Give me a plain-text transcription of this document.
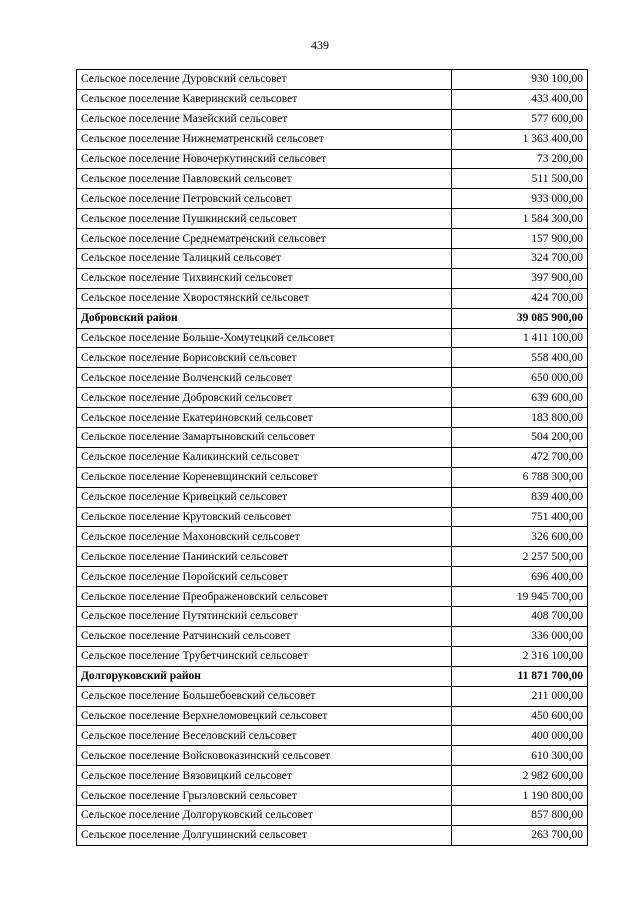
439
Сельское поселение Дуровский сельсовет	930 100,00
Сельское поселение Каверинский сельсовет	433 400,00
Сельское поселение Мазейский сельсовет	577 600,00
Сельское поселение Нижнематренский сельсовет	1 363 400,00
Сельское поселение Новочеркутинский сельсовет	73 200,00
Сельское поселение Павловский сельсовет	511 500,00
Сельское поселение Петровский сельсовет	933 000,00
Сельское поселение Пушкинский сельсовет	1 584 300,00
Сельское поселение Среднематренский сельсовет	157 900,00
Сельское поселение Талицкий сельсовет	324 700,00
Сельское поселение Тихвинский сельсовет	397 900,00
Сельское поселение Хворостянский сельсовет	424 700,00
Добровский район	39 085 900,00
Сельское поселение Больше-Хомутецкий сельсовет	1 411 100,00
Сельское поселение Борисовский сельсовет	558 400,00
Сельское поселение Волченский сельсовет	650 000,00
Сельское поселение Добровский сельсовет	639 600,00
Сельское поселение Екатериновский сельсовет	183 800,00
Сельское поселение Замартыновский сельсовет	504 200,00
Сельское поселение Каликинский сельсовет	472 700,00
Сельское поселение Кореневщинский сельсовет	6 788 300,00
Сельское поселение Кривецкий сельсовет	839 400,00
Сельское поселение Крутовский сельсовет	751 400,00
Сельское поселение Махоновский сельсовет	326 600,00
Сельское поселение Панинский сельсовет	2 257 500,00
Сельское поселение Поройский сельсовет	696 400,00
Сельское поселение Преображеновский сельсовет	19 945 700,00
Сельское поселение Путятинский сельсовет	408 700,00
Сельское поселение Ратчинский сельсовет	336 000,00
Сельское поселение Трубетчинский сельсовет	2 316 100,00
Долгоруковский район	11 871 700,00
Сельское поселение Большебоевский сельсовет	211 000,00
Сельское поселение Верхнеломовецкий сельсовет	450 600,00
Сельское поселение Веселовский сельсовет	400 000,00
Сельское поселение Войсковоказинский сельсовет	610 300,00
Сельское поселение Вязовицкий сельсовет	2 982 600,00
Сельское поселение Грызловский сельсовет	1 190 800,00
Сельское поселение Долгоруковский сельсовет	857 800,00
Сельское поселение Долгушинский сельсовет	263 700,00
